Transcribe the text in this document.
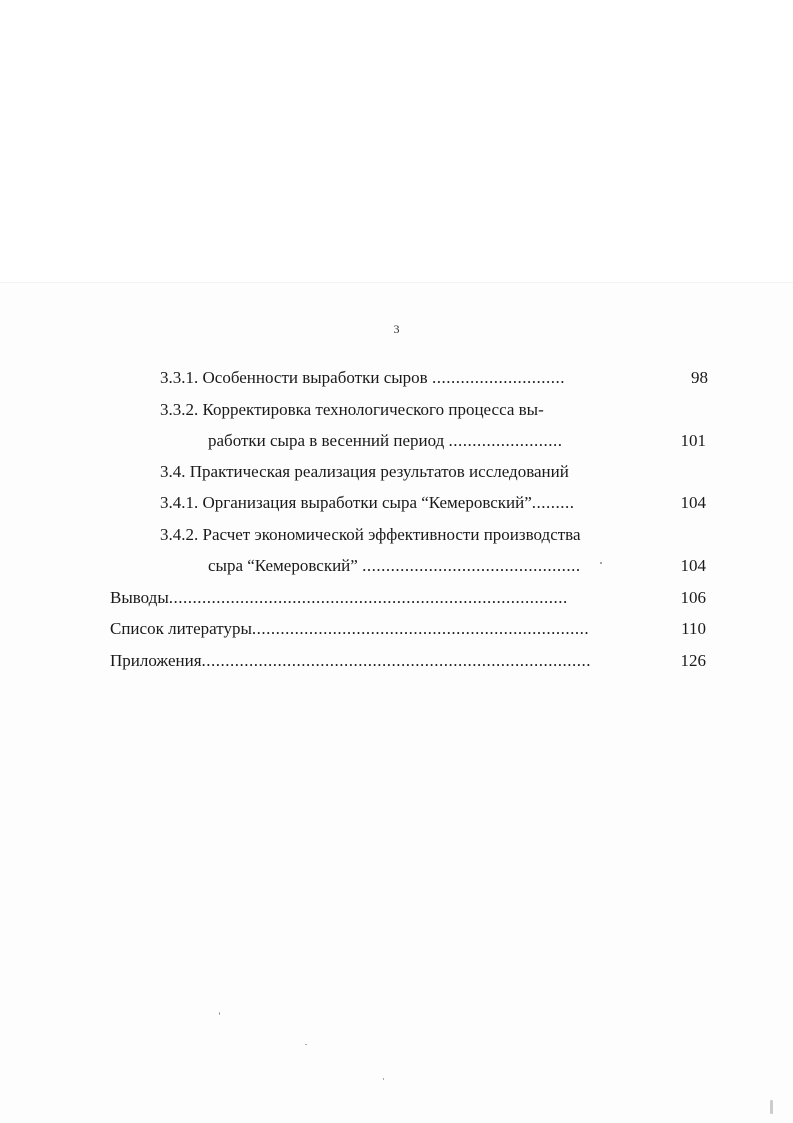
3
3.3.1. Особенности выработки сыров ............................	98
3.3.2. Корректировка технологического процесса вы-
работки сыра в весенний период ........................	101
3.4. Практическая реализация результатов исследований
3.4.1. Организация выработки сыра “Кемеровский”.........	104
3.4.2. Расчет экономической эффективности производства
сыра “Кемеровский” ..............................................	104
Выводы....................................................................................	106
Список литературы.......................................................................	110
Приложения..................................................................................	126
